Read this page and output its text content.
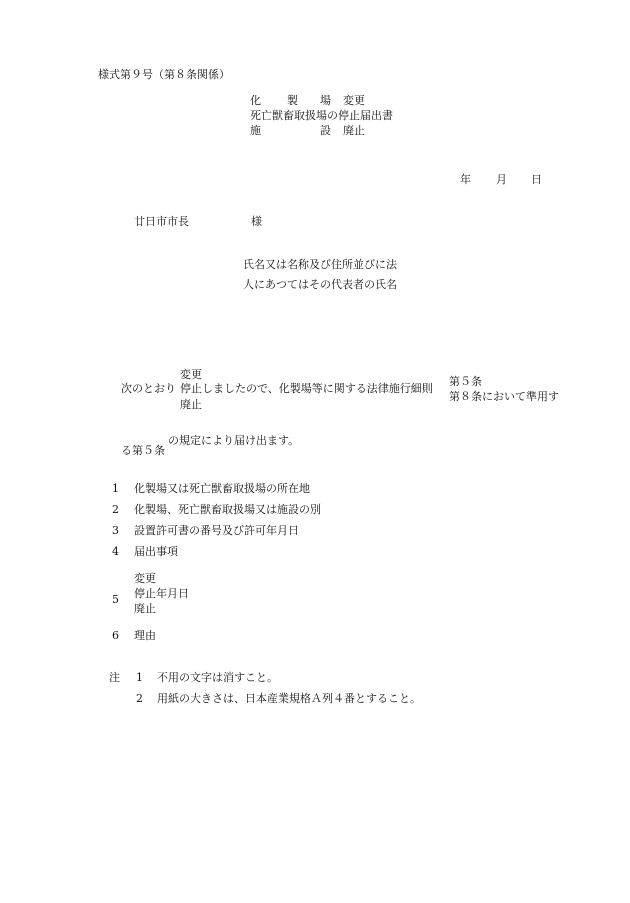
様式第９号（第８条関係）
化 製 場 変更
死亡獣畜取扱場の停止届出書
施	設 廃止
年 月 日
廿日市市長	様
氏名又は名称及び住所並びに法
人にあつてはその代表者の氏名
変更
次のとおり 停止しましたので、化製場等に関する法律施行細則
第５条
第８条において準用す
廃止
る第５条
の規定により届け出ます。
1 化製場又は死亡獣畜取扱場の所在地
2 化製場、死亡獣畜取扱場又は施設の別
3 設置許可書の番号及び許可年月日
4 届出事項
5
変更
停止年月日
廃止
6 理由
注 1 不用の文字は消すこと。
2 用紙の大きさは、日本産業規格Ａ列４番とすること。
